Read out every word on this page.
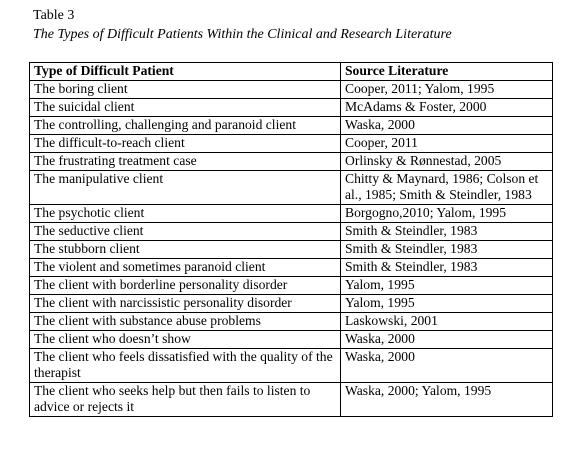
Table 3
The Types of Difficult Patients Within the Clinical and Research Literature
Type of Difficult Patient	Source Literature
The boring client	Cooper, 2011; Yalom, 1995
The suicidal client	McAdams & Foster, 2000
The controlling, challenging and paranoid client	Waska, 2000
The difficult-to-reach client	Cooper, 2011
The frustrating treatment case	Orlinsky & Rønnestad, 2005
The manipulative client	Chitty & Maynard, 1986; Colson et al., 1985; Smith & Steindler, 1983
The psychotic client	Borgogno,2010; Yalom, 1995
The seductive client	Smith & Steindler, 1983
The stubborn client	Smith & Steindler, 1983
The violent and sometimes paranoid client	Smith & Steindler, 1983
The client with borderline personality disorder	Yalom, 1995
The client with narcissistic personality disorder	Yalom, 1995
The client with substance abuse problems	Laskowski, 2001
The client who doesn’t show	Waska, 2000
The client who feels dissatisfied with the quality of the therapist	Waska, 2000
The client who seeks help but then fails to listen to advice or rejects it	Waska, 2000; Yalom, 1995
